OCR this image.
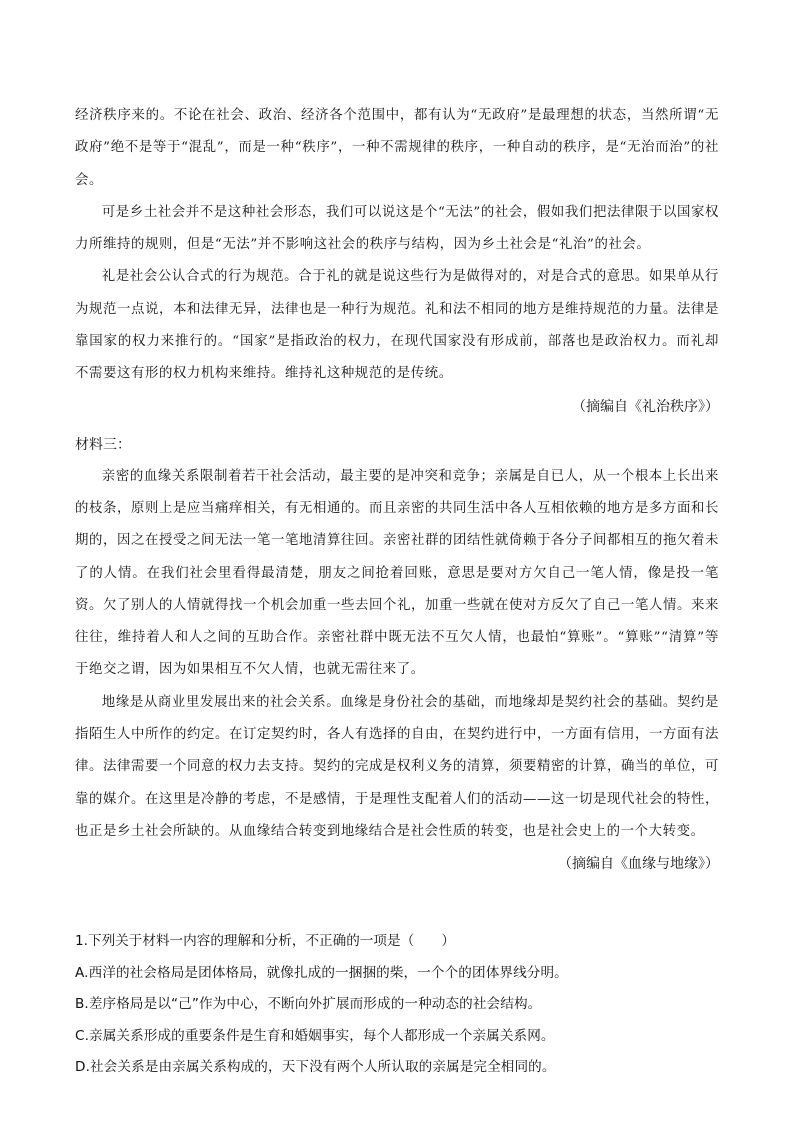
经济秩序来的。不论在社会、政治、经济各个范围中，都有认为“无政府”是最理想的状态，当然所谓“无政府”绝不是等于“混乱”，而是一种“秩序”，一种不需规律的秩序，一种自动的秩序，是“无治而治”的社会。

可是乡土社会并不是这种社会形态，我们可以说这是个“无法”的社会，假如我们把法律限于以国家权力所维持的规则，但是“无法”并不影响这社会的秩序与结构，因为乡土社会是“礼治”的社会。

礼是社会公认合式的行为规范。合于礼的就是说这些行为是做得对的，对是合式的意思。如果单从行为规范一点说，本和法律无异，法律也是一种行为规范。礼和法不相同的地方是维持规范的力量。法律是靠国家的权力来推行的。“国家”是指政治的权力，在现代国家没有形成前，部落也是政治权力。而礼却不需要这有形的权力机构来维持。维持礼这种规范的是传统。

（摘编自《礼治秩序》）

材料三：

亲密的血缘关系限制着若干社会活动，最主要的是冲突和竞争；亲属是自已人，从一个根本上长出来的枝条，原则上是应当痛痒相关，有无相通的。而且亲密的共同生活中各人互相依赖的地方是多方面和长期的，因之在授受之间无法一笔一笔地清算往回。亲密社群的团结性就倚赖于各分子间都相互的拖欠着未了的人情。在我们社会里看得最清楚，朋友之间抢着回账，意思是要对方欠自己一笔人情，像是投一笔资。欠了别人的人情就得找一个机会加重一些去回个礼，加重一些就在使对方反欠了自己一笔人情。来来往往，维持着人和人之间的互助合作。亲密社群中既无法不互欠人情，也最怕“算账”。“算账”“清算”等于绝交之谓，因为如果相互不欠人情，也就无需往来了。

地缘是从商业里发展出来的社会关系。血缘是身份社会的基础，而地缘却是契约社会的基础。契约是指陌生人中所作的约定。在订定契约时，各人有选择的自由，在契约进行中，一方面有信用，一方面有法律。法律需要一个同意的权力去支持。契约的完成是权利义务的清算，须要精密的计算，确当的单位，可靠的媒介。在这里是冷静的考虑，不是感情，于是理性支配着人们的活动——这一切是现代社会的特性，也正是乡土社会所缺的。从血缘结合转变到地缘结合是社会性质的转变，也是社会史上的一个大转变。

（摘编自《血缘与地缘》）

1.下列关于材料一内容的理解和分析，不正确的一项是（　　）

A.西洋的社会格局是团体格局，就像扎成的一捆捆的柴，一个个的团体界线分明。

B.差序格局是以“己”作为中心，不断向外扩展而形成的一种动态的社会结构。

C.亲属关系形成的重要条件是生育和婚姻事实，每个人都形成一个亲属关系网。

D.社会关系是由亲属关系构成的，天下没有两个人所认取的亲属是完全相同的。
